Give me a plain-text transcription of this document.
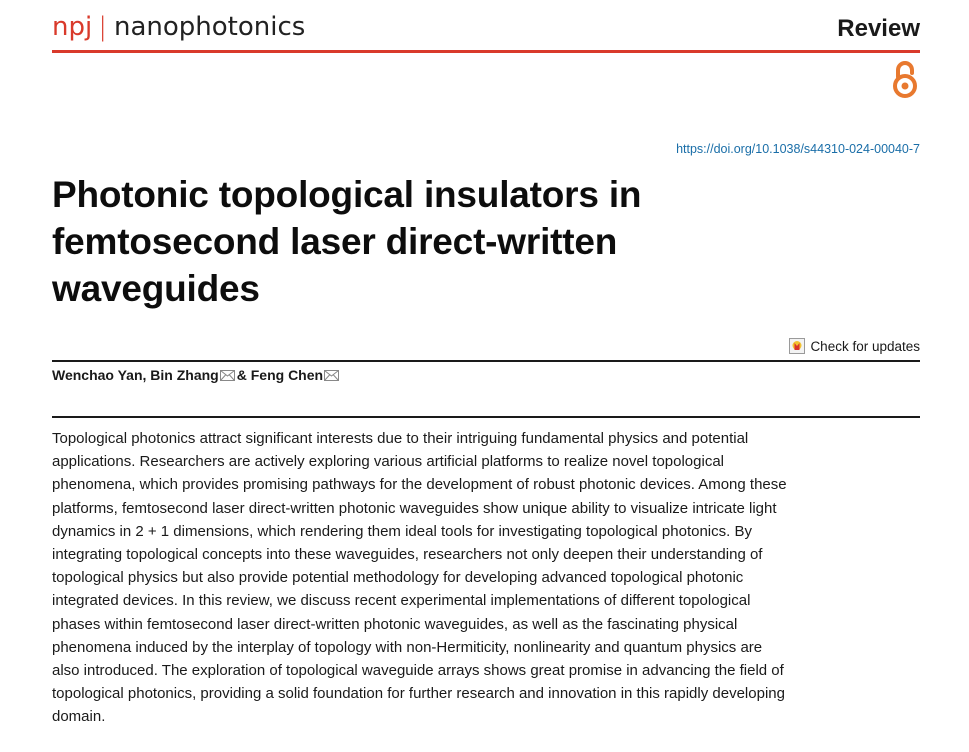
npj | nanophotonics	Review
https://doi.org/10.1038/s44310-024-00040-7
Photonic topological insulators in femtosecond laser direct-written waveguides
Check for updates
Wenchao Yan , Bin Zhang & Feng Chen

Topological photonics attract significant interests due to their intriguing fundamental physics and potential applications. Researchers are actively exploring various artificial platforms to realize novel topological phenomena, which provides promising pathways for the development of robust photonic devices. Among these platforms, femtosecond laser direct-written photonic waveguides show unique ability to visualize intricate light dynamics in 2 + 1 dimensions, which rendering them ideal tools for investigating topological photonics. By integrating topological concepts into these waveguides, researchers not only deepen their understanding of topological physics but also provide potential methodology for developing advanced topological photonic integrated devices. In this review, we discuss recent experimental implementations of different topological phases within femtosecond laser direct-written photonic waveguides, as well as the fascinating physical phenomena induced by the interplay of topology with non-Hermiticity, nonlinearity and quantum physics are also introduced. The exploration of topological waveguide arrays shows great promise in advancing the field of topological photonics, providing a solid foundation for further research and innovation in this rapidly developing domain.
